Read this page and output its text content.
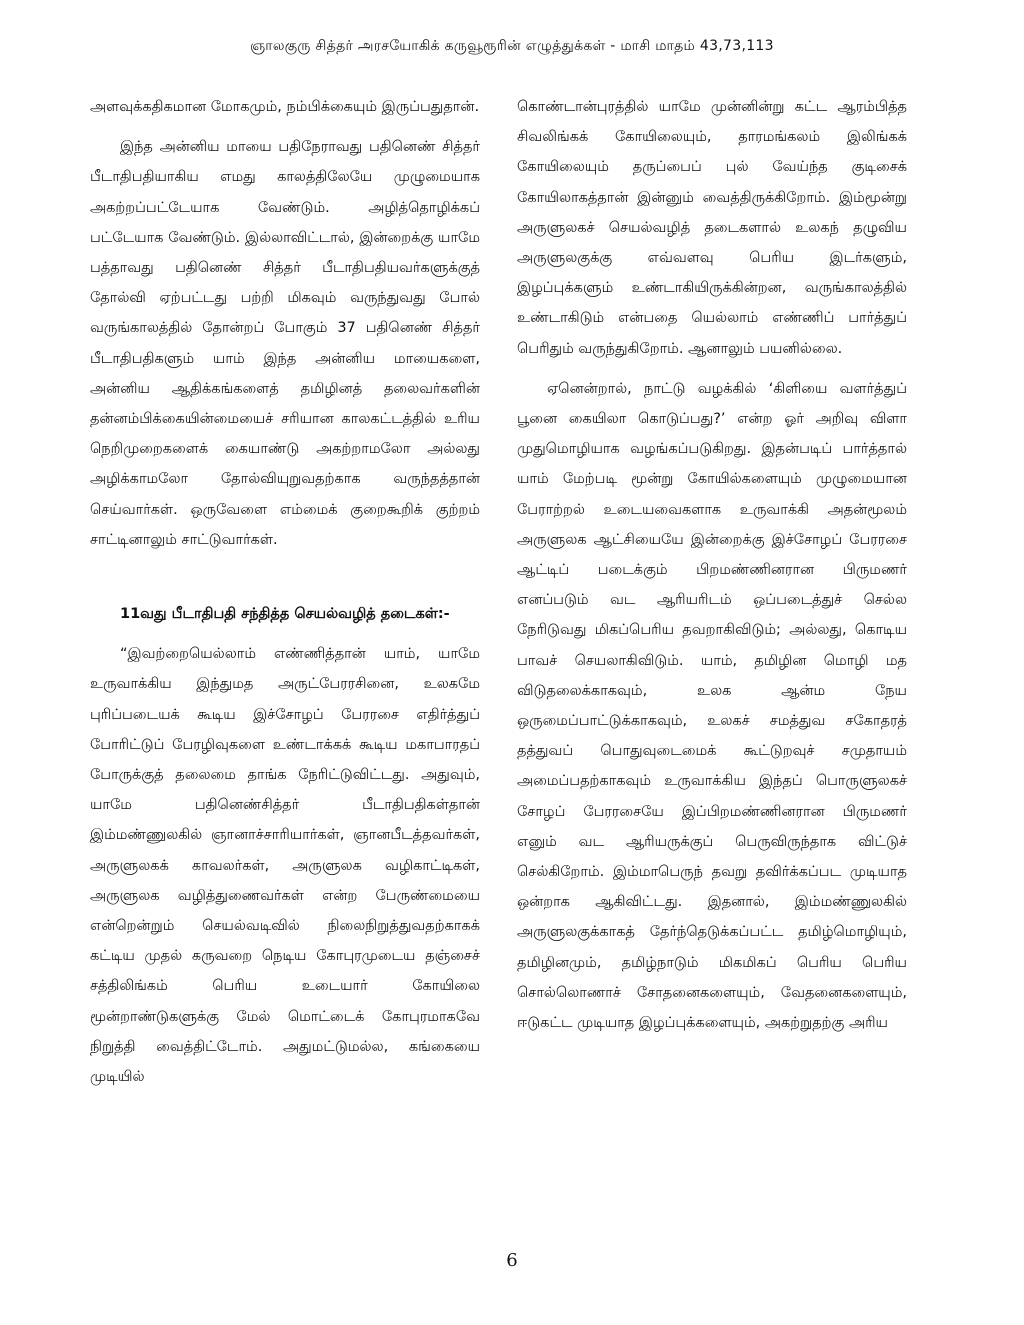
ஞாலகுரு சித்தர் அரசயோகிக் கருவூரூரின் எழுத்துக்கள் - மாசி மாதம் 43,73,113

அளவுக்கதிகமான மோகமும், நம்பிக்கையும் இருப்பதுதான்.

இந்த அன்னிய மாயை பதிநேராவது பதினெண் சித்தர் பீடாதிபதியாகிய எமது காலத்திலேயே முழுமையாக அகற்றப்பட்டேயாக வேண்டும். அழித்தொழிக்கப் பட்டேயாக வேண்டும். இல்லாவிட்டால், இன்றைக்கு யாமே பத்தாவது பதினெண் சித்தர் பீடாதிபதியவர்களுக்குத் தோல்வி ஏற்பட்டது பற்றி மிகவும் வருந்துவது போல் வருங்காலத்தில் தோன்றப் போகும் 37 பதினெண் சித்தர் பீடாதிபதிகளும் யாம் இந்த அன்னிய மாயைகளை, அன்னிய ஆதிக்கங்களைத் தமிழினத் தலைவர்களின் தன்னம்பிக்கையின்மையைச் சரியான காலகட்டத்தில் உரிய நெறிமுறைகளைக் கையாண்டு அகற்றாமலோ அல்லது அழிக்காமலோ தோல்வியுறுவதற்காக வருந்தத்தான் செய்வார்கள். ஒருவேளை எம்மைக் குறைகூறிக் குற்றம் சாட்டினாலும் சாட்டுவார்கள்.

11வது பீடாதிபதி சந்தித்த செயல்வழித் தடைகள்:-

“இவற்றையெல்லாம் எண்ணித்தான் யாம், யாமே உருவாக்கிய இந்துமத அருட்பேரரசினை, உலகமே புரிப்படையக் கூடிய இச்சோழப் பேரரசை எதிர்த்துப் போரிட்டுப் பேரழிவுகளை உண்டாக்கக் கூடிய மகாபாரதப் போருக்குத் தலைமை தாங்க நேரிட்டுவிட்டது. அதுவும், யாமே பதினெண்சித்தர் பீடாதிபதிகள்தான் இம்மண்ணுலகில் ஞானாச்சாரியார்கள், ஞானபீடத்தவர்கள், அருளுலகக் காவலர்கள், அருளுலக வழிகாட்டிகள், அருளுலக வழித்துணைவர்கள் என்ற பேருண்மையை என்றென்றும் செயல்வடிவில் நிலைநிறுத்துவதற்காகக் கட்டிய முதல் கருவறை நெடிய கோபுரமுடைய தஞ்சைச் சத்திலிங்கம் பெரிய உடையார் கோயிலை மூன்றாண்டுகளுக்கு மேல் மொட்டைக் கோபுரமாகவே நிறுத்தி வைத்திட்டோம். அதுமட்டுமல்ல, கங்கையை முடியில்

கொண்டான்புரத்தில் யாமே முன்னின்று கட்ட ஆரம்பித்த சிவலிங்கக் கோயிலையும், தாரமங்கலம் இலிங்கக் கோயிலையும் தருப்பைப் புல் வேய்ந்த குடிசைக் கோயிலாகத்தான் இன்னும் வைத்திருக்கிறோம். இம்மூன்று அருளுலகச் செயல்வழித் தடைகளால் உலகந் தழுவிய அருளுலகுக்கு எவ்வளவு பெரிய இடர்களும், இழப்புக்களும் உண்டாகியிருக்கின்றன, வருங்காலத்தில் உண்டாகிடும் என்பதை யெல்லாம் எண்ணிப் பார்த்துப் பெரிதும் வருந்துகிறோம். ஆனாலும் பயனில்லை.

ஏனென்றால், நாட்டு வழக்கில் ‘கிளியை வளர்த்துப் பூனை கையிலா கொடுப்பது?’ என்ற ஓர் அறிவு விளா முதுமொழியாக வழங்கப்படுகிறது. இதன்படிப் பார்த்தால் யாம் மேற்படி மூன்று கோயில்களையும் முழுமையான பேராற்றல் உடையவைகளாக உருவாக்கி அதன்மூலம் அருளுலக ஆட்சியையே இன்றைக்கு இச்சோழப் பேரரசை ஆட்டிப் படைக்கும் பிறமண்ணினரான பிருமணர் எனப்படும் வட ஆரியரிடம் ஒப்படைத்துச் செல்ல நேரிடுவது மிகப்பெரிய தவறாகிவிடும்; அல்லது, கொடிய பாவச் செயலாகிவிடும். யாம், தமிழின மொழி மத விடுதலைக்காகவும், உலக ஆன்ம நேய ஒருமைப்பாட்டுக்காகவும், உலகச் சமத்துவ சகோதரத் தத்துவப் பொதுவுடைமைக் கூட்டுறவுச் சமுதாயம் அமைப்பதற்காகவும் உருவாக்கிய இந்தப் பொருளுலகச் சோழப் பேரரசையே இப்பிறமண்ணினரான பிருமணர் எனும் வட ஆரியருக்குப் பெருவிருந்தாக விட்டுச் செல்கிறோம். இம்மாபெருந் தவறு தவிர்க்கப்பட முடியாத ஒன்றாக ஆகிவிட்டது. இதனால், இம்மண்ணுலகில் அருளுலகுக்காகத் தேர்ந்தெடுக்கப்பட்ட தமிழ்மொழியும், தமிழினமும், தமிழ்நாடும் மிகமிகப் பெரிய பெரிய சொல்லொணாச் சோதனைகளையும், வேதனைகளையும், ஈடுகட்ட முடியாத இழப்புக்களையும், அகற்றுதற்கு அரிய

6
